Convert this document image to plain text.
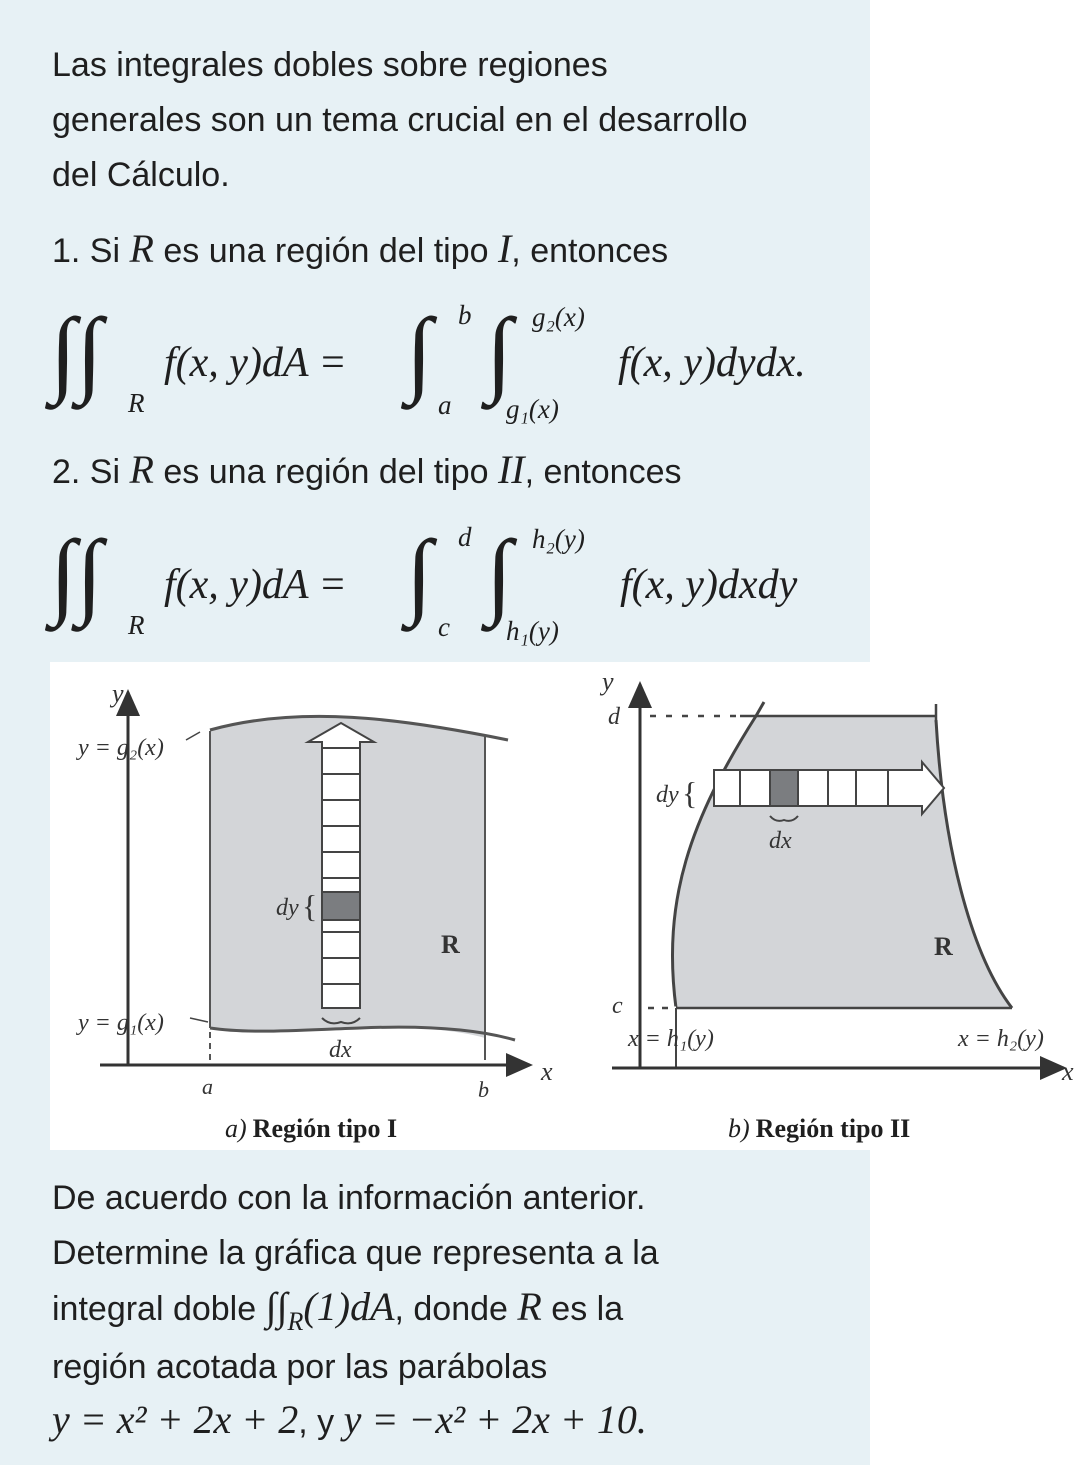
Las integrales dobles sobre regiones
generales son un tema crucial en el desarrollo
del Cálculo.
1. Si R es una región del tipo I, entonces
∫∫ R
f(x, y)dA = ∫ a
b ∫
g₁(x)
g₂(x)
f(x, y)dydx.
2. Si R es una región del tipo II, entonces
∫∫ R
f(x, y)dA = ∫ c
d ∫
h₁(y)
h₂(y)
f(x, y)dxdy
y
x
y = g₂(x)
y = g₁(x)
dy {
dx
R
a	b
a) Región tipo I
y
x
d
c
dy {
dx
R
x = h₁(y)	x = h₂(y)
b) Región tipo II
De acuerdo con la información anterior.
Determine la gráfica que representa a la
integral doble $\int\int_R(1)dA$, donde R es la
región acotada por las parábolas
y = x² + 2x + 2, y y = −x² + 2x + 10.
